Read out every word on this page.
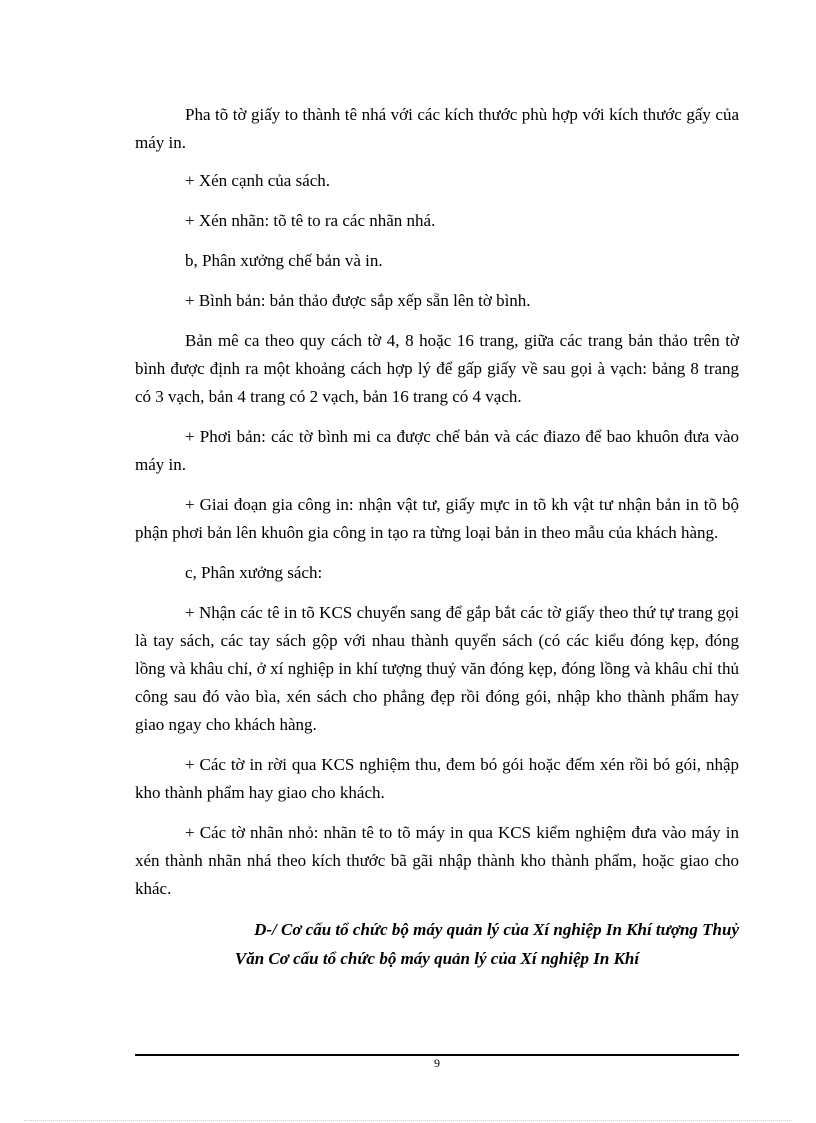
Pha tõ tờ giấy to thành tê nhá với các kích thước phù hợp với kích thước gấy của máy in.

+ Xén cạnh của sách.

+ Xén nhãn: tõ tê to ra các nhãn nhá.

b, Phân xưởng chế bản và in.

+ Bình bản: bản thảo được sắp xếp sẵn lên tờ bình.

Bản mê ca theo quy cách tờ 4, 8 hoặc 16 trang, giữa các trang bản thảo trên tờ bình được định ra một khoảng cách hợp lý để gấp giấy về sau gọi à vạch: bảng 8 trang có 3 vạch, bản 4 trang có 2 vạch, bản 16 trang có 4 vạch.

+ Phơi bản: các tờ bình mi ca được chế bản và các điazo để bao khuôn đưa vào máy in.

+ Giai đoạn gia công in: nhận vật tư, giấy mực in tõ kh vật tư nhận bản in tõ bộ phận phơi bản lên khuôn gia công in tạo ra từng loại bản in theo mẫu của khách hàng.

c, Phân xưởng sách:

+ Nhận các tê in tõ KCS chuyển sang để gắp bắt các tờ giấy theo thứ tự trang gọi là tay sách, các tay sách gộp với nhau thành quyển sách (có các kiểu đóng kẹp, đóng lồng và khâu chỉ, ở xí nghiệp in khí tượng thuỷ văn đóng kẹp, đóng lồng và khâu chỉ thủ công sau đó vào bìa, xén sách cho phẳng đẹp rồi đóng gói, nhập kho thành phẩm hay giao ngay cho khách hàng.

+ Các tờ in rời qua KCS nghiệm thu, đem bó gói hoặc đếm xén rồi bó gói, nhập kho thành phẩm hay giao cho khách.

+ Các tờ nhãn nhỏ: nhãn tê to tõ máy in qua KCS kiểm nghiệm đưa vào máy in xén thành nhãn nhá theo kích thước bã gãi nhập thành kho thành phẩm, hoặc giao cho khác.

D-/ Cơ cấu tổ chức bộ máy quản lý của Xí nghiệp In Khí tượng Thuỷ
Văn Cơ cấu tổ chức bộ máy quản lý của Xí nghiệp In Khí
9
